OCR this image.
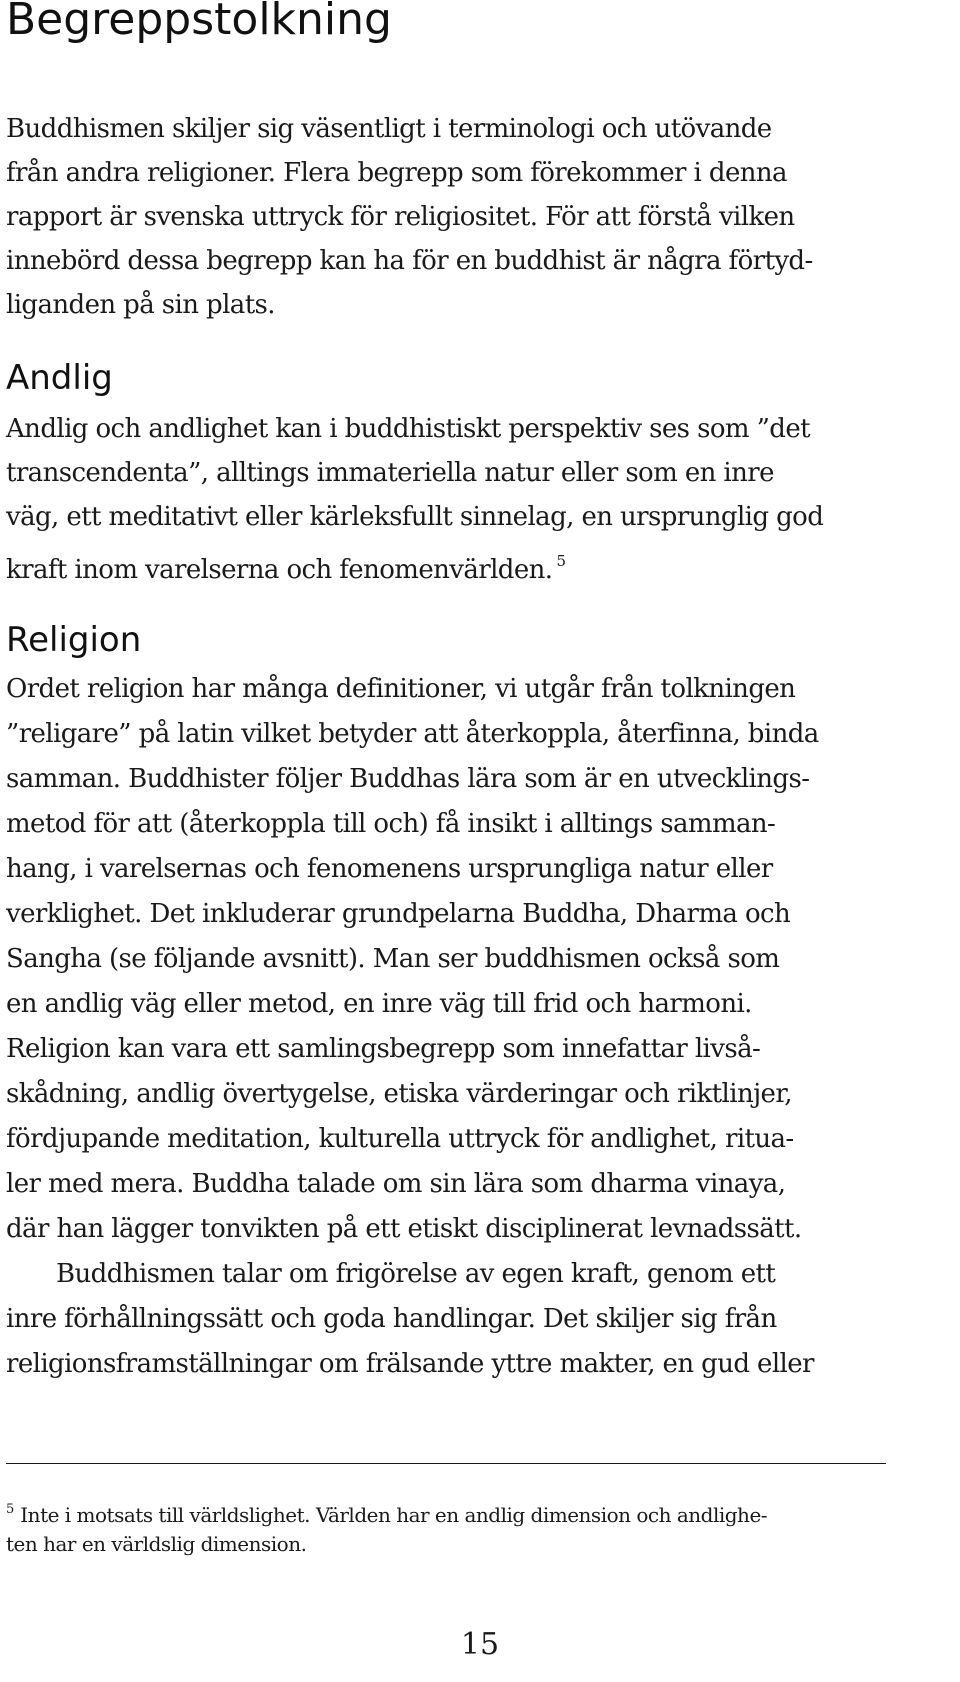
Begreppstolkning
Buddhismen skiljer sig väsentligt i terminologi och utövande
från andra religioner. Flera begrepp som förekommer i denna
rapport är svenska uttryck för religiositet. För att förstå vilken
innebörd dessa begrepp kan ha för en buddhist är några förtyd-
liganden på sin plats.
Andlig
Andlig och andlighet kan i buddhistiskt perspektiv ses som ”det
transcendenta”, alltings immateriella natur eller som en inre
väg, ett meditativt eller kärleksfullt sinnelag, en ursprunglig god
kraft inom varelserna och fenomenvärlden. $^5$
Religion
Ordet religion har många definitioner, vi utgår från tolkningen
”religare” på latin vilket betyder att återkoppla, återfinna, binda
samman. Buddhister följer Buddhas lära som är en utvecklings-
metod för att (återkoppla till och) få insikt i alltings samman-
hang, i varelsernas och fenomenens ursprungliga natur eller
verklighet. Det inkluderar grundpelarna Buddha, Dharma och
Sangha (se följande avsnitt). Man ser buddhismen också som
en andlig väg eller metod, en inre väg till frid och harmoni.
Religion kan vara ett samlingsbegrepp som innefattar livså-
skådning, andlig övertygelse, etiska värderingar och riktlinjer,
fördjupande meditation, kulturella uttryck för andlighet, ritua-
ler med mera. Buddha talade om sin lära som dharma vinaya,
där han lägger tonvikten på ett etiskt disciplinerat levnadssätt.
Buddhismen talar om frigörelse av egen kraft, genom ett
inre förhållningssätt och goda handlingar. Det skiljer sig från
religionsframställningar om frälsande yttre makter, en gud eller
$^5$ Inte i motsats till världslighet. Världen har en andlig dimension och andlighe-
ten har en världslig dimension.
15
